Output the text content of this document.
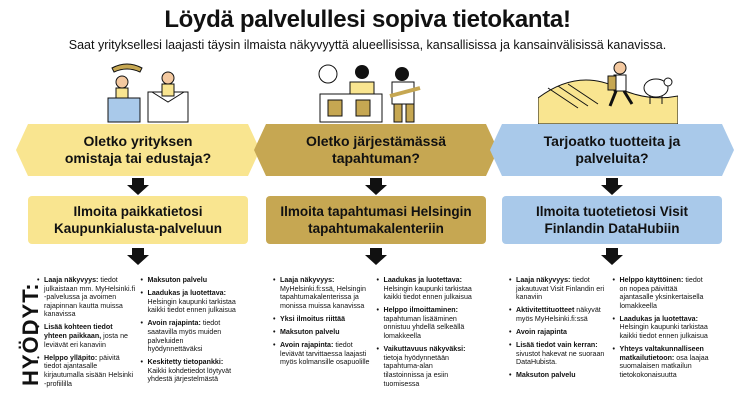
Löydä palvelullesi sopiva tietokanta!
Saat yrityksellesi laajasti täysin ilmaista näkyvyyttä alueellisissa, kansallisissa ja kansainvälisissä kanavissa.
Oletko yrityksen omistaja tai edustaja?
Ilmoita paikkatietosi Kaupunkialusta-palveluun
Oletko järjestämässä tapahtuman?
Ilmoita tapahtumasi Helsingin tapahtumakalenteriin
Tarjoatko tuotteita ja palveluita?
Ilmoita tuotetietosi Visit Finlandin DataHubiin
HYÖDYT:
• Laaja näkyvyys: tiedot julkaistaan mm. MyHelsinki.fi -palvelussa ja avoimen rajapinnan kautta muissa kanavissa
• Lisää kohteen tiedot yhteen paikkaan, josta ne leviävät eri kanaviin
• Helppo ylläpito: päivitä tiedot ajantasalle kirjautumalla sisään Helsinki -profiililla
• Maksuton palvelu
• Laadukas ja luotettava: Helsingin kaupunki tarkistaa kaikki tiedot ennen julkaisua
• Avoin rajapinta: tiedot saatavilla myös muiden palveluiden hyödynnettäväksi
• Keskitetty tietopankki: Kaikki kohdetiedot löytyvät yhdestä järjestelmästä
• Laaja näkyvyys: MyHelsinki.fi:ssä, Helsingin tapahtumakalenterissa ja monissa muissa kanavissa
• Yksi ilmoitus riittää
• Maksuton palvelu
• Avoin rajapinta: tiedot leviävät tarvittaessa laajasti myös kolmansille osapuolille
• Laadukas ja luotettava: Helsingin kaupunki tarkistaa kaikki tiedot ennen julkaisua
• Helppo ilmoittaminen: tapahtuman lisääminen onnistuu yhdellä selkeällä lomakkeella
• Vaikuttavuus näkyväksi: tietoja hyödynnetään tapahtuma-alan tilastoinnissa ja esiin tuomisessa
• Laaja näkyvyys: tiedot jakautuvat Visit Finlandin eri kanaviin
• Aktivitettituotteet näkyvät myös MyHelsinki.fi:ssä
• Avoin rajapinta
• Lisää tiedot vain kerran: sivustot hakevat ne suoraan DataHubista.
• Maksuton palvelu
• Helppo käyttöinen: tiedot on nopea päivittää ajantasalle yksinkertaisella lomakkeella
• Laadukas ja luotettava: Helsingin kaupunki tarkistaa kaikki tiedot ennen julkaisua
• Yhteys valtakunnalliseen matkailutietoon: osa laajaa suomalaisen matkailun tietokokonaisuutta
